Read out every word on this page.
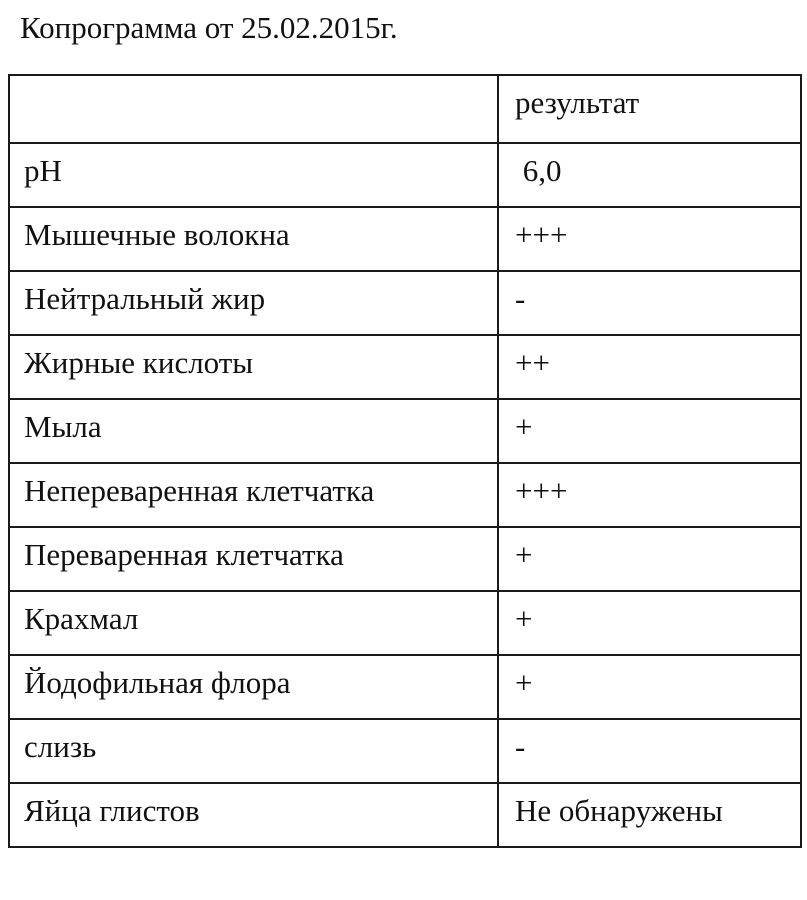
Копрограмма от 25.02.2015г.

	результат

pH	6,0

Мышечные волокна	+++

Нейтральный жир	-

Жирные кислоты	++

Мыла	+

Непереваренная клетчатка	+++

Переваренная клетчатка	+

Крахмал	+

Йодофильная флора	+

слизь	-

Яйца глистов	Не обнаружены
